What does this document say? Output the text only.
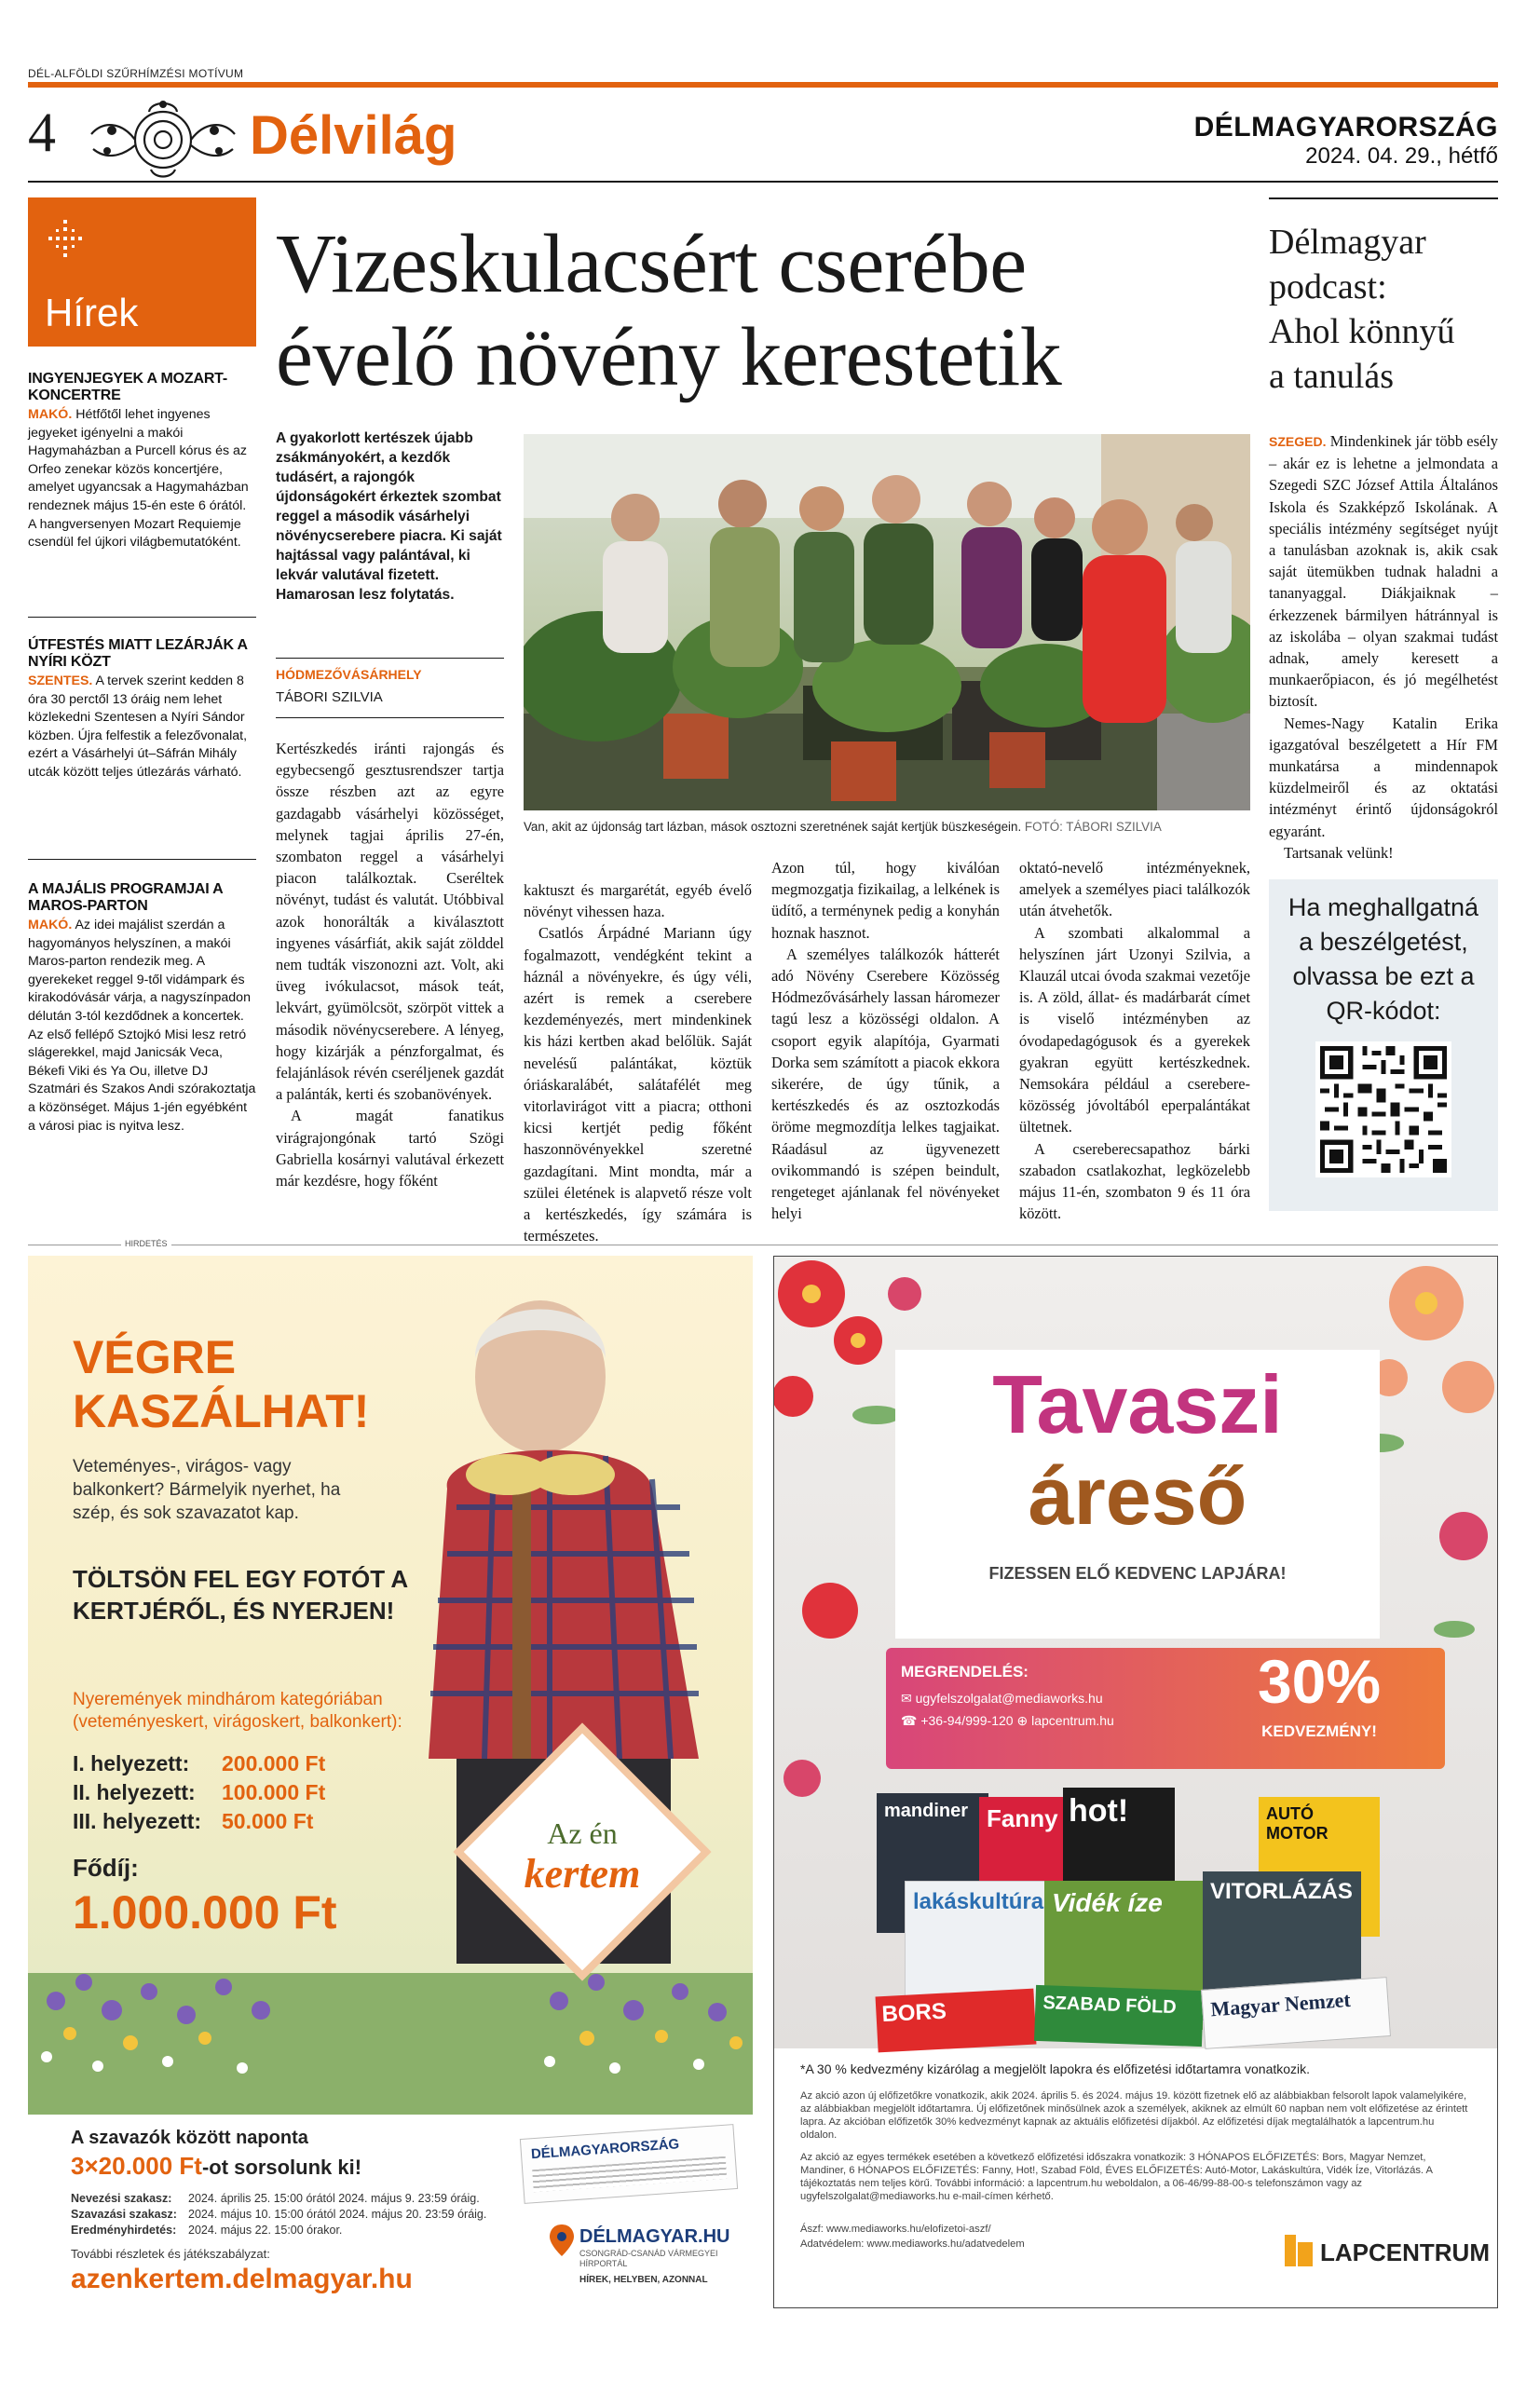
DÉL-ALFÖLDI SZŰRHÍMZÉSI MOTÍVUM
4	Délvilág	DÉLMAGYARORSZÁG
2024. 04. 29., hétfő
Hírek
INGYENJEGYEK A MOZART-KONCERTRE
MAKÓ. Hétfőtől lehet ingyenes jegyeket igényelni a makói Hagymaházban a Purcell kórus és az Orfeo zenekar közös koncertjére, amelyet ugyancsak a Hagymaházban rendeznek május 15-én este 6 órától. A hangversenyen Mozart Requiemje csendül fel újkori világbemutatóként.
ÚTFESTÉS MIATT LEZÁRJÁK A NYÍRI KÖZT
SZENTES. A tervek szerint kedden 8 óra 30 perctől 13 óráig nem lehet közlekedni Szentesen a Nyíri Sándor közben. Újra felfestik a felezővonalat, ezért a Vásárhelyi út–Sáfrán Mihály utcák között teljes útlezárás várható.
A MAJÁLIS PROGRAMJAI A MAROS-PARTON
MAKÓ. Az idei majálist szerdán a hagyományos helyszínen, a makói Maros-parton rendezik meg. A gyerekeket reggel 9-től vidámpark és kirakodóvásár várja, a nagyszínpadon délután 3-tól kezdődnek a koncertek. Az első fellépő Sztojkó Misi lesz retró slágerekkel, majd Janicsák Veca, Békefi Viki és Ya Ou, illetve DJ Szatmári és Szakos Andi szórakoztatja a közönséget. Május 1-jén egyébként a városi piac is nyitva lesz.
Vizeskulacsért cserébe
évelő növény kerestetik
A gyakorlott kertészek újabb zsákmányokért, a kezdők tudásért, a rajongók újdonságokért érkeztek szombat reggel a második vásárhelyi növénycserebere piacra. Ki saját hajtással vagy palántával, ki lekvár valutával fizetett. Hamarosan lesz folytatás.
HÓDMEZŐVÁSÁRHELY
TÁBORI SZILVIA
Van, akit az újdonság tart lázban, mások osztozni szeretnének saját kertjük büszkeségein. FOTÓ: TÁBORI SZILVIA

Kertészkedés iránti rajongás és egybecsengő gesztusrendszer tartja össze részben azt az egyre gazdagabb vásárhelyi közösséget, melynek tagjai április 27-én, szombaton reggel a vásárhelyi piacon találkoztak. Cseréltek növényt, tudást és valutát. Utóbbival azok honorálták a kiválasztott ingyenes vásárfiát, akik saját zölddel nem tudták viszonozni azt. Volt, aki üveg ivókulacsot, mások teát, lekvárt, gyümölcsöt, szörpöt vittek a második növénycserebere. A lényeg, hogy kizárják a pénzforgalmat, és felajánlások révén cseréljenek gazdát a palánták, kerti és szobanövények.

A magát fanatikus virágrajongónak tartó Szögi Gabriella kosárnyi valutával érkezett már kezdésre, hogy főként

kaktuszt és margarétát, egyéb évelő növényt vihessen haza.

Csatlós Árpádné Mariann úgy fogalmazott, vendégként tekint a háznál a növényekre, és úgy véli, azért is remek a cserebere kezdeményezés, mert mindenkinek kis házi kertben akad belőlük. Saját nevelésű palántákat, köztük óriáskaralábét, salátafélét meg vitorlavirágot vitt a piacra; otthoni kicsi kertjét pedig főként haszonnövényekkel szeretné gazdagítani. Mint mondta, már a szülei életének is alapvető része volt a kertészkedés, így számára is természetes.

Azon túl, hogy kiválóan megmozgatja fizikailag, a lelkének is üdítő, a terménynek pedig a konyhán hoznak hasznot.

A személyes találkozók hátterét adó Növény Cserebere Közösség Hódmezővásárhely lassan háromezer tagú lesz a közösségi oldalon. A csoport egyik alapítója, Gyarmati Dorka sem számított a piacok ekkora sikerére, de úgy tűnik, a kertészkedés és az osztozkodás öröme megmozdítja lelkes tagjaikat. Ráadásul az ügyvenezett ovikommandó is szépen beindult, rengeteget ajánlanak fel növényeket helyi

oktató-nevelő intézményeknek, amelyek a személyes piaci találkozók után átvehetők.

A szombati alkalommal a helyszínen járt Uzonyi Szilvia, a Klauzál utcai óvoda szakmai vezetője is. A zöld, állat- és madárbarát címet is viselő intézményben az óvodapedagógusok és a gyerekek gyakran együtt kertészkednek. Nemsokára például a cserebere-közösség jóvoltából eperpalántákat ültetnek.

A csereberecsapathoz bárki szabadon csatlakozhat, legközelebb május 11-én, szombaton 9 és 11 óra között.

Délmagyar
podcast:
Ahol könnyű
a tanulás

SZEGED. Mindenkinek jár több esély – akár ez is lehetne a jelmondata a Szegedi SZC József Attila Általános Iskola és Szakképző Iskolának. A speciális intézmény segítséget nyújt a tanulásban azoknak is, akik csak saját ütemükben tudnak haladni a tananyaggal. Diákjaiknak – érkezzenek bármilyen hátránnyal is az iskolába – olyan szakmai tudást adnak, amely keresett a munkaerőpiacon, és jó megélhetést biztosít.

Nemes-Nagy Katalin Erika igazgatóval beszélgetett a Hír FM munkatársa a mindennapok küzdelmeiről és az oktatási intézményt érintő újdonságokról egyaránt.

Tartsanak velünk!

Ha meghallgatná a beszélgetést, olvassa be ezt a QR-kódot:
HIRDETÉS
VÉGRE
KASZÁLHAT!
Veteményes-, virágos- vagy balkonkert? Bármelyik nyerhet, ha szép, és sok szavazatot kap.
TÖLTSÖN FEL EGY FOTÓT A KERTJÉRŐL, ÉS NYERJEN!
Nyeremények mindhárom kategóriában (veteményeskert, virágoskert, balkonkert):
I. helyezett: 200.000 Ft
II. helyezett: 100.000 Ft
III. helyezett: 50.000 Ft
Fődíj:
1.000.000 Ft
Az én
kertem
A szavazók között naponta
3×20.000 Ft-ot sorsolunk ki!
Nevezési szakasz: 2024. április 25. 15:00 órától 2024. május 9. 23:59 óráig.
Szavazási szakasz: 2024. május 10. 15:00 órától 2024. május 20. 23:59 óráig.
Eredményhirdetés: 2024. május 22. 15:00 órakor.
További részletek és játékszabályzat:
azenkertem.delmagyar.hu
DÉLMAGYARORSZÁG
DÉLMAGYAR.HU
CSONGRÁD-CSANÁD VÁRMEGYEI HÍRPORTÁL
HÍREK, HELYBEN, AZONNAL
Tavaszi
áreső
FIZESSEN ELŐ KEDVENC LAPJÁRA!
MEGRENDELÉS:
✉ ugyfelszolgalat@mediaworks.hu
☎ +36-94/999-120 ⊕ lapcentrum.hu
30%
KEDVEZMÉNY!
mandiner Fanny hot!	AUTÓ MOTOR
lakáskultúra Vidék íze	VITORLÁZÁS
BORS	SZABAD FÖLD	Magyar Nemzet
*A 30 % kedvezmény kizárólag a megjelölt lapokra és előfizetési időtartamra vonatkozik.
Az akció azon új előfizetőkre vonatkozik, akik 2024. április 5. és 2024. május 19. között fizetnek elő az alábbiakban felsorolt lapok valamelyikére, az alábbiakban megjelölt időtartamra. Új előfizetőnek minősülnek azok a személyek, akiknek az elmúlt 60 napban nem volt előfizetése az érintett lapra. Az akcióban előfizetők 30% kedvezményt kapnak az aktuális előfizetési díjakból. Az előfizetési díjak megtalálhatók a lapcentrum.hu oldalon.
Az akció az egyes termékek esetében a következő előfizetési időszakra vonatkozik: 3 HÓNAPOS ELŐFIZETÉS: Bors, Magyar Nemzet, Mandiner, 6 HÓNAPOS ELŐFIZETÉS: Fanny, Hot!, Szabad Föld, ÉVES ELŐFIZETÉS: Autó-Motor, Lakáskultúra, Vidék Íze, Vitorlázás. A tájékoztatás nem teljes körű. További információ: a lapcentrum.hu weboldalon, a 06-46/99-88-00-s telefonszámon vagy az ugyfelszolgalat@mediaworks.hu e-mail-címen kérhető.
Ászf: www.mediaworks.hu/elofizetoi-aszf/
Adatvédelem: www.mediaworks.hu/adatvedelem	LAPCENTRUM
